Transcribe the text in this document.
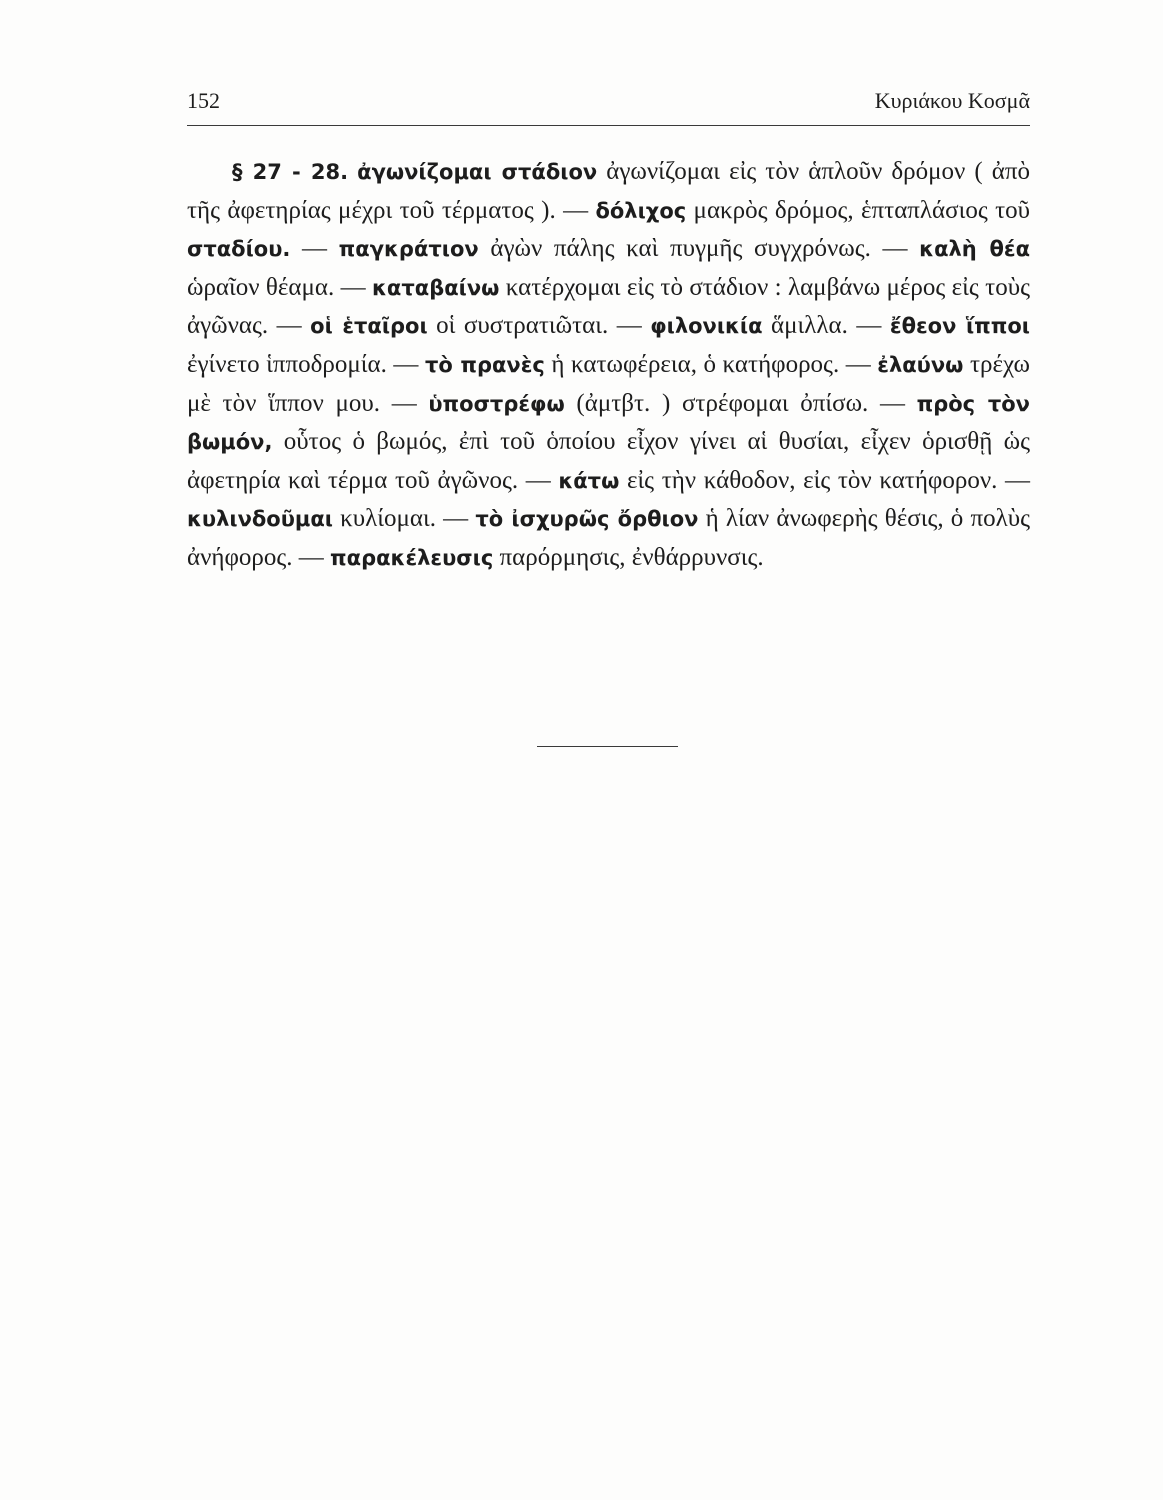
152	Κυριάκου Κοσμᾶ

§ 27 - 28. ἀγωνίζομαι στάδιον ἀγωνίζομαι εἰς τὸν ἁπλοῦν δρόμον ( ἀπὸ τῆς ἀφετηρίας μέχρι τοῦ τέρματος ). — δόλιχος μακρὸς δρόμος, ἑπταπλάσιος τοῦ σταδίου. — παγκράτιον ἀγὼν πάλης καὶ πυγμῆς συγχρόνως. — καλὴ θέα ὡραῖον θέαμα. — καταβαίνω κατέρχομαι εἰς τὸ στάδιον : λαμβάνω μέρος εἰς τοὺς ἀγῶνας. — οἱ ἑταῖροι οἱ συστρατιῶται. — φιλονικία ἅμιλλα. — ἔθεον ἵπποι ἐγίνετο ἱπποδρομία. — τὸ πρανὲς ἡ κατωφέρεια, ὁ κατήφορος. — ἐλαύνω τρέχω μὲ τὸν ἵππον μου. — ὑποστρέφω (ἀμτβτ. ) στρέφομαι ὀπίσω. — πρὸς τὸν βωμόν, οὗτος ὁ βωμός, ἐπὶ τοῦ ὁποίου εἶχον γίνει αἱ θυσίαι, εἶχεν ὁρισθῇ ὡς ἀφετηρία καὶ τέρμα τοῦ ἀγῶνος. — κάτω εἰς τὴν κάθοδον, εἰς τὸν κατήφορον. — κυλινδοῦμαι κυλίομαι. — τὸ ἰσχυρῶς ὄρθιον ἡ λίαν ἀνωφερὴς θέσις, ὁ πολὺς ἀνήφορος. — παρακέλευσις παρόρμησις, ἐνθάρρυνσις.
